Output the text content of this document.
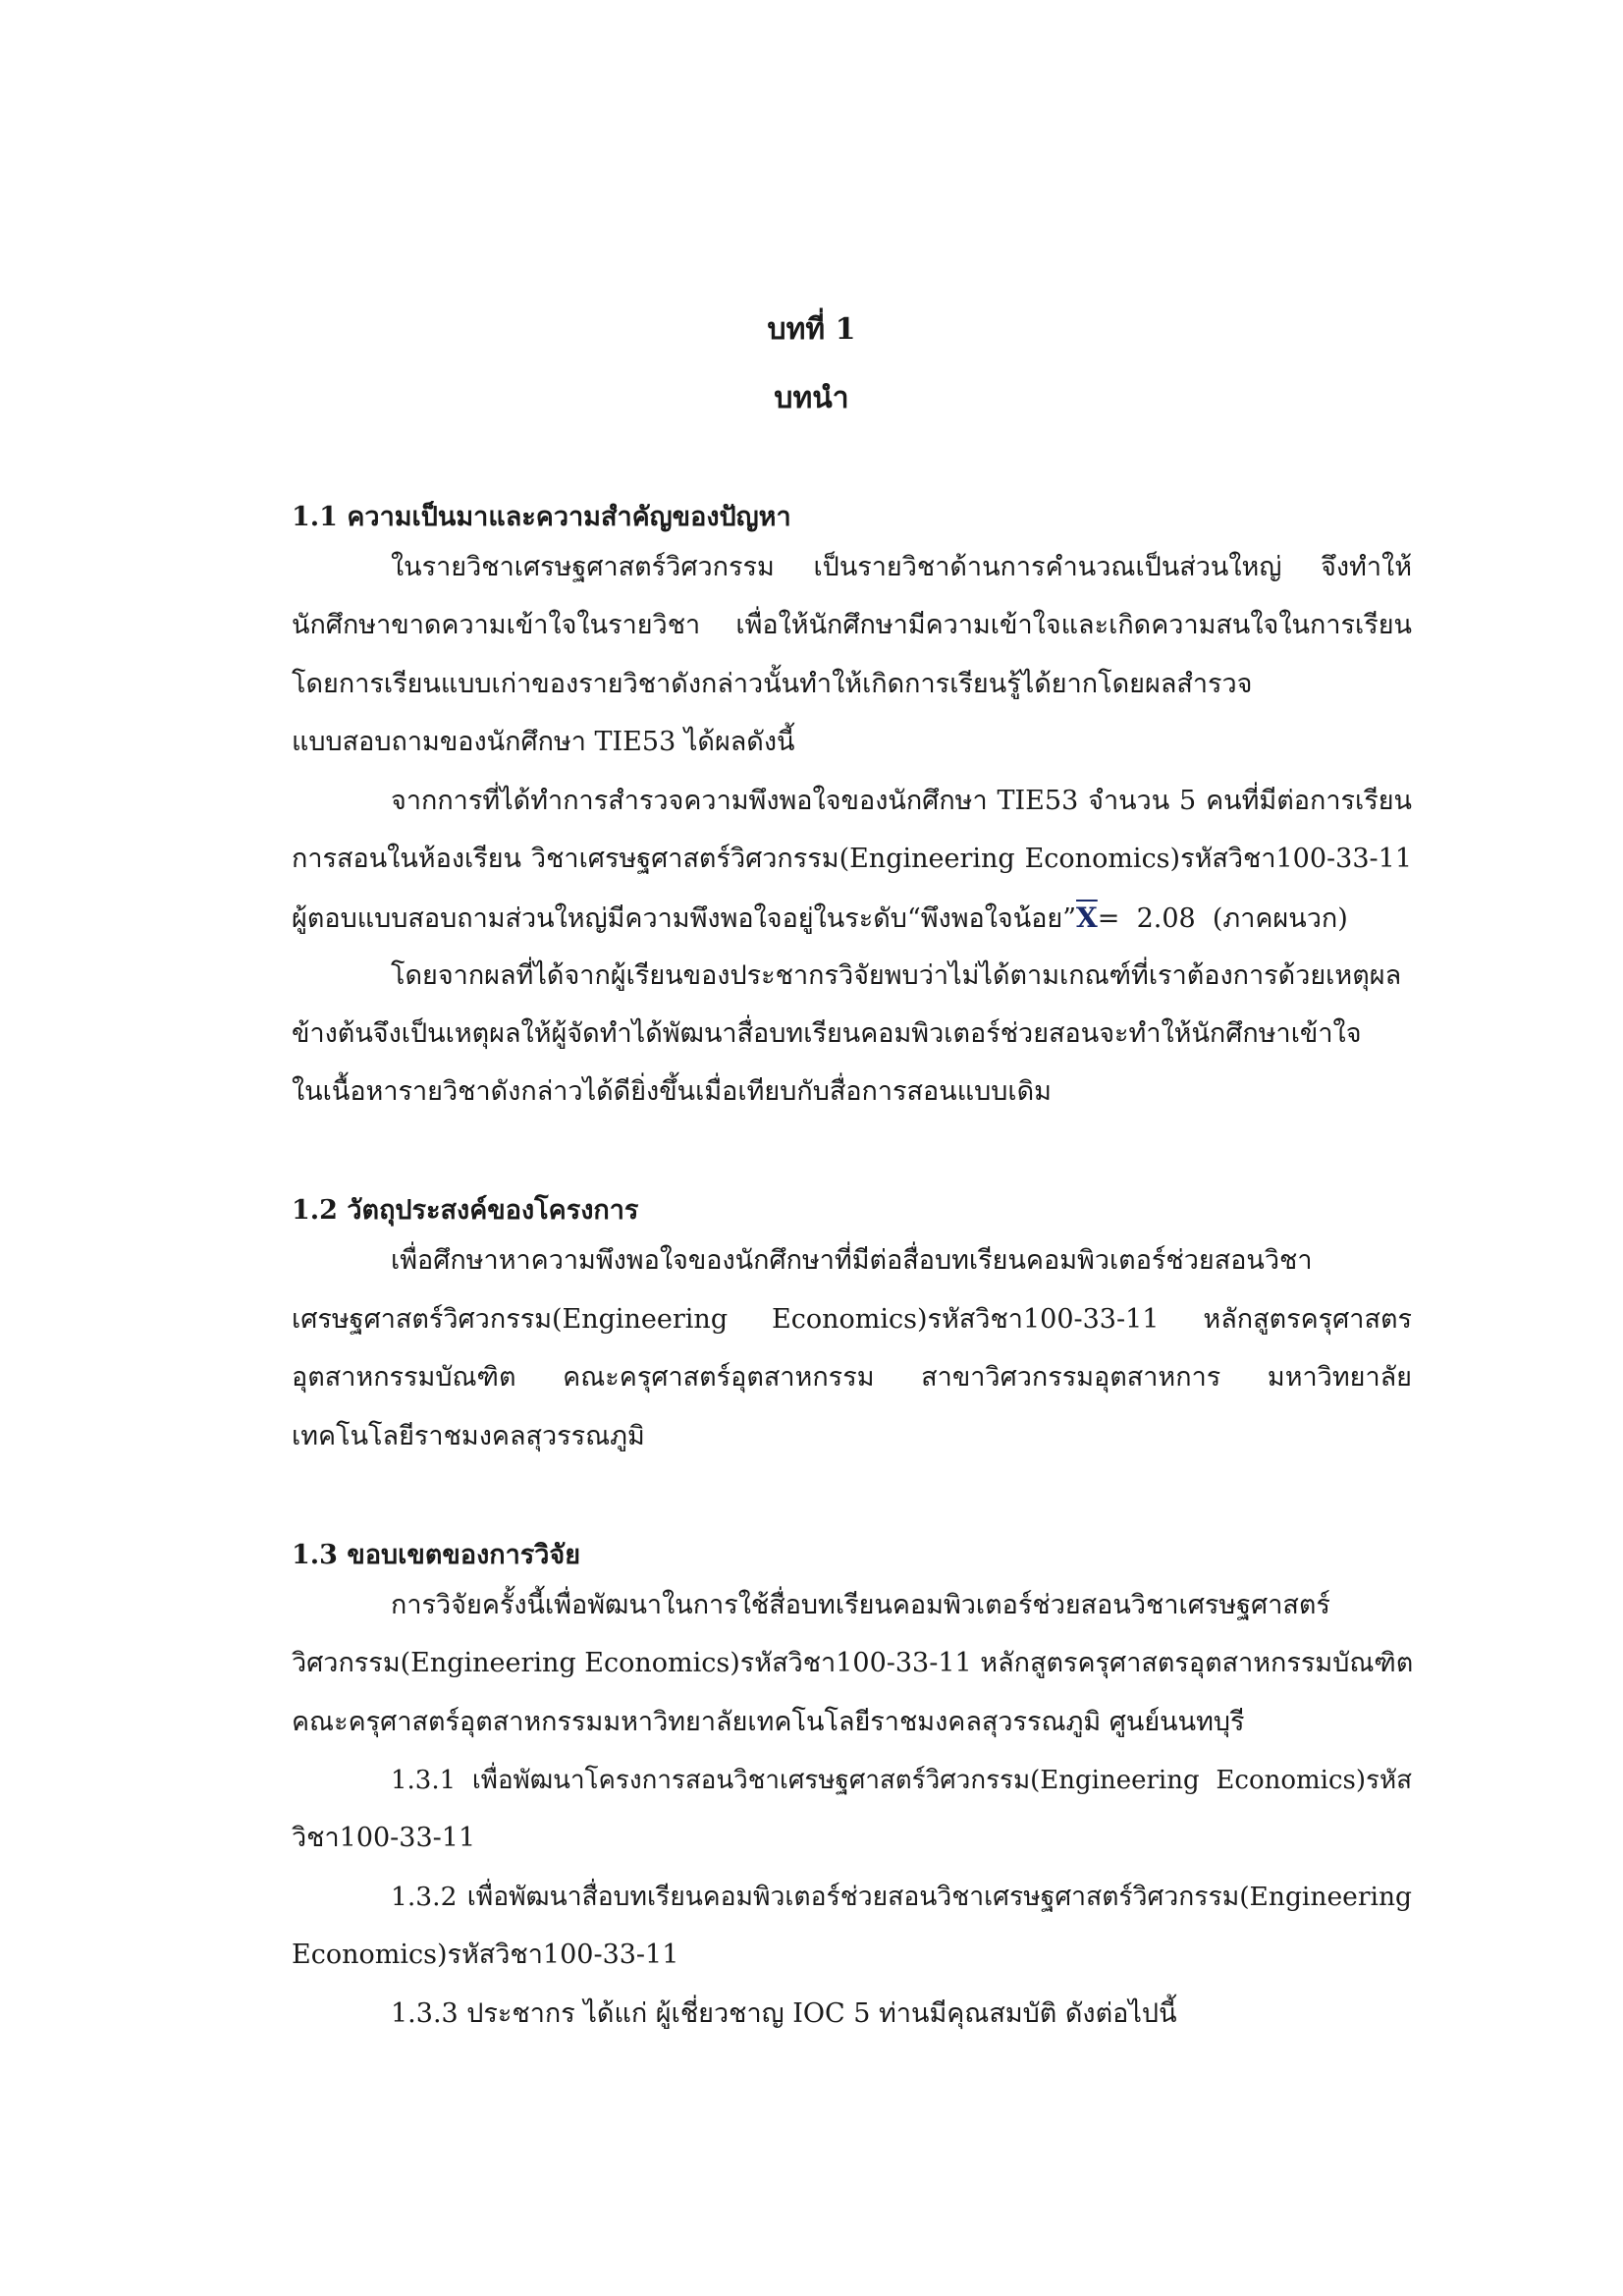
บทที่ 1
บทนำ
1.1 ความเป็นมาและความสำคัญของปัญหา

ในรายวิชาเศรษฐศาสตร์วิศวกรรม เป็นรายวิชาด้านการคำนวณเป็นส่วนใหญ่ จึงทำให้

นักศึกษาขาดความเข้าใจในรายวิชา เพื่อให้นักศึกษามีความเข้าใจและเกิดความสนใจในการเรียน

โดยการเรียนแบบเก่าของรายวิชาดังกล่าวนั้นทำให้เกิดการเรียนรู้ได้ยากโดยผลสำรวจ

แบบสอบถามของนักศึกษา TIE53 ได้ผลดังนี้

จากการที่ได้ทำการสำรวจความพึงพอใจของนักศึกษา TIE53 จำนวน 5 คนที่มีต่อการเรียน

การสอนในห้องเรียน วิชาเศรษฐศาสตร์วิศวกรรม(Engineering Economics)รหัสวิชา100-33-11

ผู้ตอบแบบสอบถามส่วนใหญ่มีความพึงพอใจอยู่ในระดับ“พึงพอใจน้อย$”\overline{X}= 2.08$ (ภาคผนวก)

โดยจากผลที่ได้จากผู้เรียนของประชากรวิจัยพบว่าไม่ได้ตามเกณฑ์ที่เราต้องการด้วยเหตุผล

ข้างต้นจึงเป็นเหตุผลให้ผู้จัดทำได้พัฒนาสื่อบทเรียนคอมพิวเตอร์ช่วยสอนจะทำให้นักศึกษาเข้าใจ

ในเนื้อหารายวิชาดังกล่าวได้ดียิ่งขึ้นเมื่อเทียบกับสื่อการสอนแบบเดิม

1.2 วัตถุประสงค์ของโครงการ

เพื่อศึกษาหาความพึงพอใจของนักศึกษาที่มีต่อสื่อบทเรียนคอมพิวเตอร์ช่วยสอนวิชา

เศรษฐศาสตร์วิศวกรรม(Engineering Economics)รหัสวิชา100-33-11 หลักสูตรครุศาสตร

อุตสาหกรรมบัณฑิต คณะครุศาสตร์อุตสาหกรรม สาขาวิศวกรรมอุตสาหการ มหาวิทยาลัย

เทคโนโลยีราชมงคลสุวรรณภูมิ

1.3 ขอบเขตของการวิจัย

การวิจัยครั้งนี้เพื่อพัฒนาในการใช้สื่อบทเรียนคอมพิวเตอร์ช่วยสอนวิชาเศรษฐศาสตร์

วิศวกรรม(Engineering Economics)รหัสวิชา100-33-11 หลักสูตรครุศาสตรอุตสาหกรรมบัณฑิต

คณะครุศาสตร์อุตสาหกรรมมหาวิทยาลัยเทคโนโลยีราชมงคลสุวรรณภูมิ ศูนย์นนทบุรี

1.3.1 เพื่อพัฒนาโครงการสอนวิชาเศรษฐศาสตร์วิศวกรรม(Engineering Economics)รหัส

วิชา100-33-11

1.3.2 เพื่อพัฒนาสื่อบทเรียนคอมพิวเตอร์ช่วยสอนวิชาเศรษฐศาสตร์วิศวกรรม(Engineering

Economics)รหัสวิชา100-33-11

1.3.3 ประชากร ได้แก่ ผู้เชี่ยวชาญ IOC 5 ท่านมีคุณสมบัติ ดังต่อไปนี้
